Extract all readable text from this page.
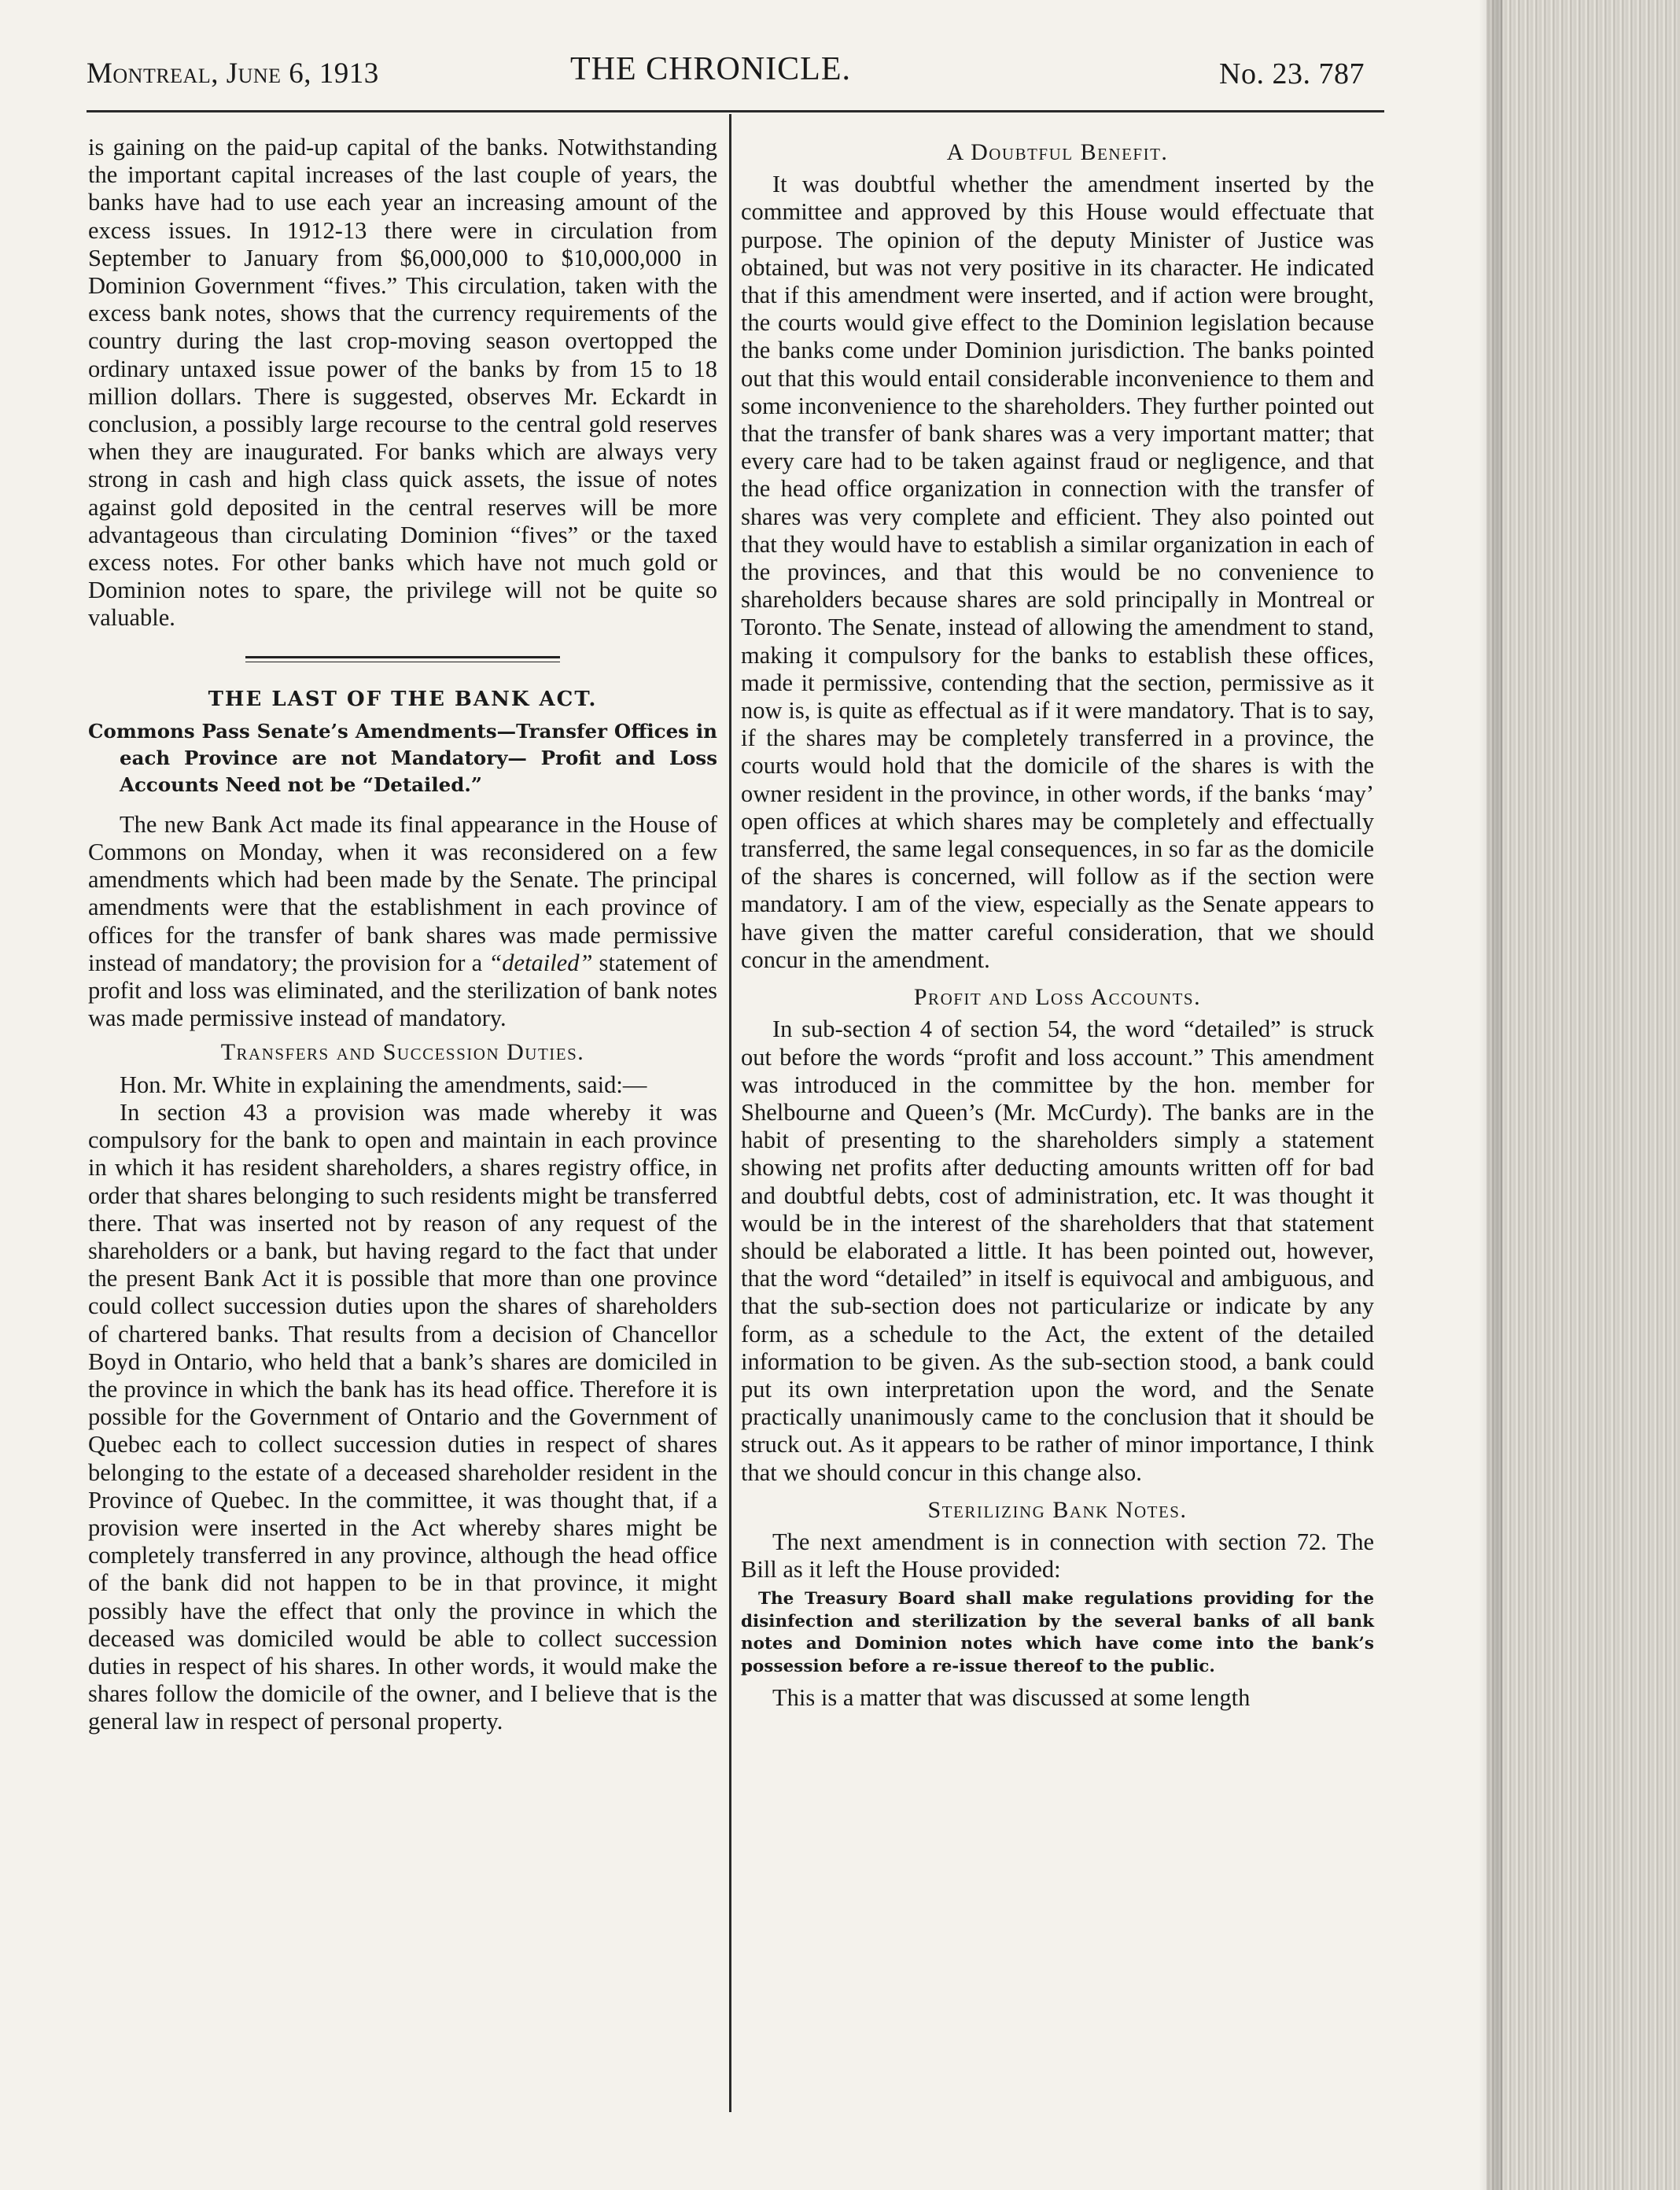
Montreal, June 6, 1913	THE CHRONICLE.	No. 23. 787

is gaining on the paid-up capital of the banks. Notwithstanding the important capital increases of the last couple of years, the banks have had to use each year an increasing amount of the excess issues. In 1912-13 there were in circulation from September to January from $6,000,000 to $10,000,000 in Dominion Government “fives.” This circulation, taken with the excess bank notes, shows that the currency requirements of the country during the last crop-moving season overtopped the ordinary untaxed issue power of the banks by from 15 to 18 million dollars. There is suggested, observes Mr. Eckardt in conclusion, a possibly large recourse to the central gold reserves when they are inaugurated. For banks which are always very strong in cash and high class quick assets, the issue of notes against gold deposited in the central reserves will be more advantageous than circulating Dominion “fives” or the taxed excess notes. For other banks which have not much gold or Dominion notes to spare, the privilege will not be quite so valuable.

THE LAST OF THE BANK ACT.
Commons Pass Senate’s Amendments—Transfer Offices in each Province are not Mandatory— Profit and Loss Accounts Need not be “Detailed.”

The new Bank Act made its final appearance in the House of Commons on Monday, when it was reconsidered on a few amendments which had been made by the Senate. The principal amendments were that the establishment in each province of offices for the transfer of bank shares was made permissive instead of mandatory; the provision for a “detailed” statement of profit and loss was eliminated, and the sterilization of bank notes was made permissive instead of mandatory.

Transfers and Succession Duties.

Hon. Mr. White in explaining the amendments, said:—

In section 43 a provision was made whereby it was compulsory for the bank to open and maintain in each province in which it has resident shareholders, a shares registry office, in order that shares belonging to such residents might be transferred there. That was inserted not by reason of any request of the shareholders or a bank, but having regard to the fact that under the present Bank Act it is possible that more than one province could collect succession duties upon the shares of shareholders of chartered banks. That results from a decision of Chancellor Boyd in Ontario, who held that a bank’s shares are domiciled in the province in which the bank has its head office. Therefore it is possible for the Government of Ontario and the Government of Quebec each to collect succession duties in respect of shares belonging to the estate of a deceased shareholder resident in the Province of Quebec. In the committee, it was thought that, if a provision were inserted in the Act whereby shares might be completely transferred in any province, although the head office of the bank did not happen to be in that province, it might possibly have the effect that only the province in which the deceased was domiciled would be able to collect succession duties in respect of his shares. In other words, it would make the shares follow the domicile of the owner, and I believe that is the general law in respect of personal property.

A Doubtful Benefit.

It was doubtful whether the amendment inserted by the committee and approved by this House would effectuate that purpose. The opinion of the deputy Minister of Justice was obtained, but was not very positive in its character. He indicated that if this amendment were inserted, and if action were brought, the courts would give effect to the Dominion legislation because the banks come under Dominion jurisdiction. The banks pointed out that this would entail considerable inconvenience to them and some inconvenience to the shareholders. They further pointed out that the transfer of bank shares was a very important matter; that every care had to be taken against fraud or negligence, and that the head office organization in connection with the transfer of shares was very complete and efficient. They also pointed out that they would have to establish a similar organization in each of the provinces, and that this would be no convenience to shareholders because shares are sold principally in Montreal or Toronto. The Senate, instead of allowing the amendment to stand, making it compulsory for the banks to establish these offices, made it permissive, contending that the section, permissive as it now is, is quite as effectual as if it were mandatory. That is to say, if the shares may be completely transferred in a province, the courts would hold that the domicile of the shares is with the owner resident in the province, in other words, if the banks ‘may’ open offices at which shares may be completely and effectually transferred, the same legal consequences, in so far as the domicile of the shares is concerned, will follow as if the section were mandatory. I am of the view, especially as the Senate appears to have given the matter careful consideration, that we should concur in the amendment.

Profit and Loss Accounts.

In sub-section 4 of section 54, the word “detailed” is struck out before the words “profit and loss account.” This amendment was introduced in the committee by the hon. member for Shelbourne and Queen’s (Mr. McCurdy). The banks are in the habit of presenting to the shareholders simply a statement showing net profits after deducting amounts written off for bad and doubtful debts, cost of administration, etc. It was thought it would be in the interest of the shareholders that that statement should be elaborated a little. It has been pointed out, however, that the word “detailed” in itself is equivocal and ambiguous, and that the sub-section does not particularize or indicate by any form, as a schedule to the Act, the extent of the detailed information to be given. As the sub-section stood, a bank could put its own interpretation upon the word, and the Senate practically unanimously came to the conclusion that it should be struck out. As it appears to be rather of minor importance, I think that we should concur in this change also.

Sterilizing Bank Notes.

The next amendment is in connection with section 72. The Bill as it left the House provided:

The Treasury Board shall make regulations providing for the disinfection and sterilization by the several banks of all bank notes and Dominion notes which have come into the bank’s possession before a re-issue thereof to the public.

This is a matter that was discussed at some length
